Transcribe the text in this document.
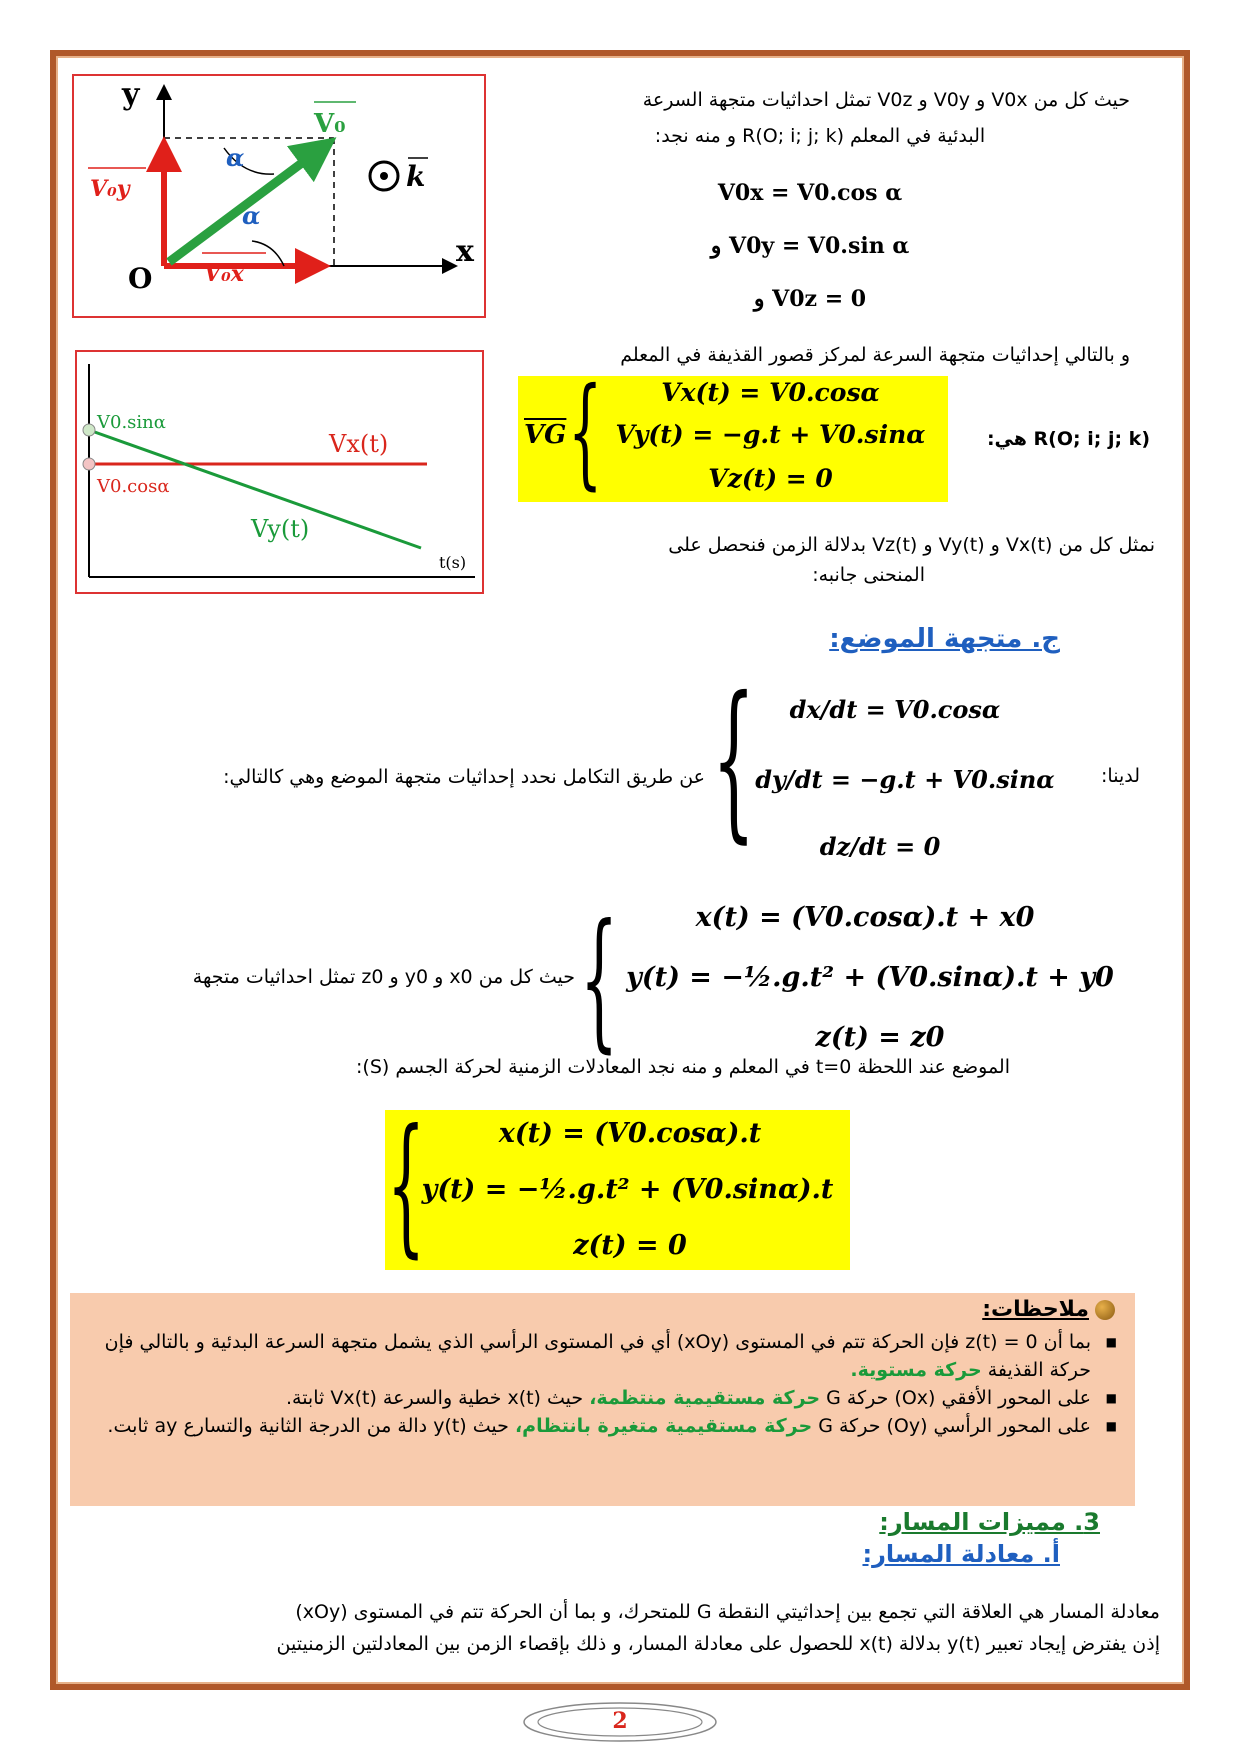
y
x
O
V₀
V₀y
V₀x
α
α
k
V0.sinα
V0.cosα
Vx(t)
Vy(t)
t(s)
حيث كل من V0x و V0y و V0z تمثل احداثيات متجهة السرعة
البدئية في المعلم R(O; i; j; k) و منه نجد:
V0x = V0.cos α
و V0y = V0.sin α
و V0z = 0
و بالتالي إحداثيات متجهة السرعة لمركز قصور القذيفة في المعلم
$\overline{VG}$ {	Vx(t) = V0.cosα
Vy(t) = −g.t + V0.sinα
Vz(t) = 0
R(O; i; j; k) هي:
نمثل كل من Vx(t) و Vy(t) و Vz(t) بدلالة الزمن فنحصل على
المنحنى جانبه:
ج. متجهة الموضع:
لدينا:
{	dx/dt = V0.cosα
dy/dt = −g.t + V0.sinα
dz/dt = 0
عن طريق التكامل نحدد إحداثيات متجهة الموضع وهي كالتالي:
{	x(t) = (V0.cosα).t + x0
y(t) = −½.g.t² + (V0.sinα).t + y0
z(t) = z0
حيث كل من x0 و y0 و z0 تمثل احداثيات متجهة
الموضع عند اللحظة t=0 في المعلم و منه نجد المعادلات الزمنية لحركة الجسم (S):
{	x(t) = (V0.cosα).t
y(t) = −½.g.t² + (V0.sinα).t
z(t) = 0
ملاحظات:
■ بما أن z(t) = 0 فإن الحركة تتم في المستوى (xOy) أي في المستوى الرأسي الذي يشمل متجهة السرعة البدئية و بالتالي فإن حركة القذيفة حركة مستوية.
■ على المحور الأفقي (Ox) حركة G حركة مستقيمية منتظمة، حيث x(t) خطية والسرعة Vx(t) ثابتة.
■ على المحور الرأسي (Oy) حركة G حركة مستقيمية متغيرة بانتظام، حيث y(t) دالة من الدرجة الثانية والتسارع ay ثابت.
3. مميزات المسار:
أ. معادلة المسار:
معادلة المسار هي العلاقة التي تجمع بين إحداثيتي النقطة G للمتحرك، و بما أن الحركة تتم في المستوى (xOy)
إذن يفترض إيجاد تعبير y(t) بدلالة x(t) للحصول على معادلة المسار، و ذلك بإقصاء الزمن بين المعادلتين الزمنيتين
2
